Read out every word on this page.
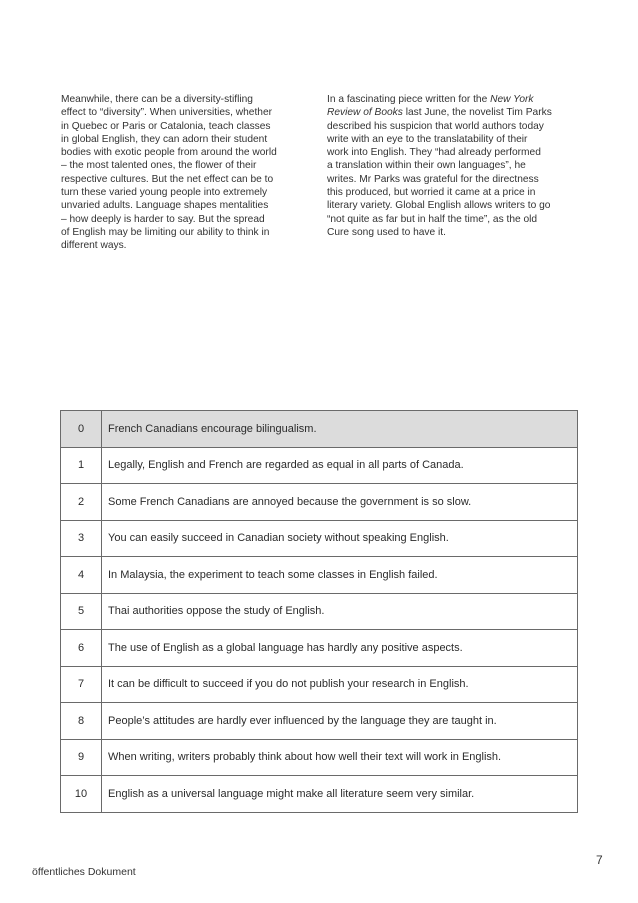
Meanwhile, there can be a diversity-stifling
effect to “diversity”. When universities, whether
in Quebec or Paris or Catalonia, teach classes
in global English, they can adorn their student
bodies with exotic people from around the world
– the most talented ones, the flower of their
respective cultures. But the net effect can be to
turn these varied young people into extremely
unvaried adults. Language shapes mentalities
– how deeply is harder to say. But the spread
of English may be limiting our ability to think in
different ways.

In a fascinating piece written for the New York
Review of Books last June, the novelist Tim Parks
described his suspicion that world authors today
write with an eye to the translatability of their
work into English. They “had already performed
a translation within their own languages”, he
writes. Mr Parks was grateful for the directness
this produced, but worried it came at a price in
literary variety. Global English allows writers to go
“not quite as far but in half the time”, as the old
Cure song used to have it.

0	French Canadians encourage bilingualism.
1	Legally, English and French are regarded as equal in all parts of Canada.
2	Some French Canadians are annoyed because the government is so slow.
3	You can easily succeed in Canadian society without speaking English.
4	In Malaysia, the experiment to teach some classes in English failed.
5	Thai authorities oppose the study of English.
6	The use of English as a global language has hardly any positive aspects.
7	It can be difficult to succeed if you do not publish your research in English.
8	People’s attitudes are hardly ever influenced by the language they are taught in.
9	When writing, writers probably think about how well their text will work in English.
10	English as a universal language might make all literature seem very similar.
7
öffentliches Dokument
